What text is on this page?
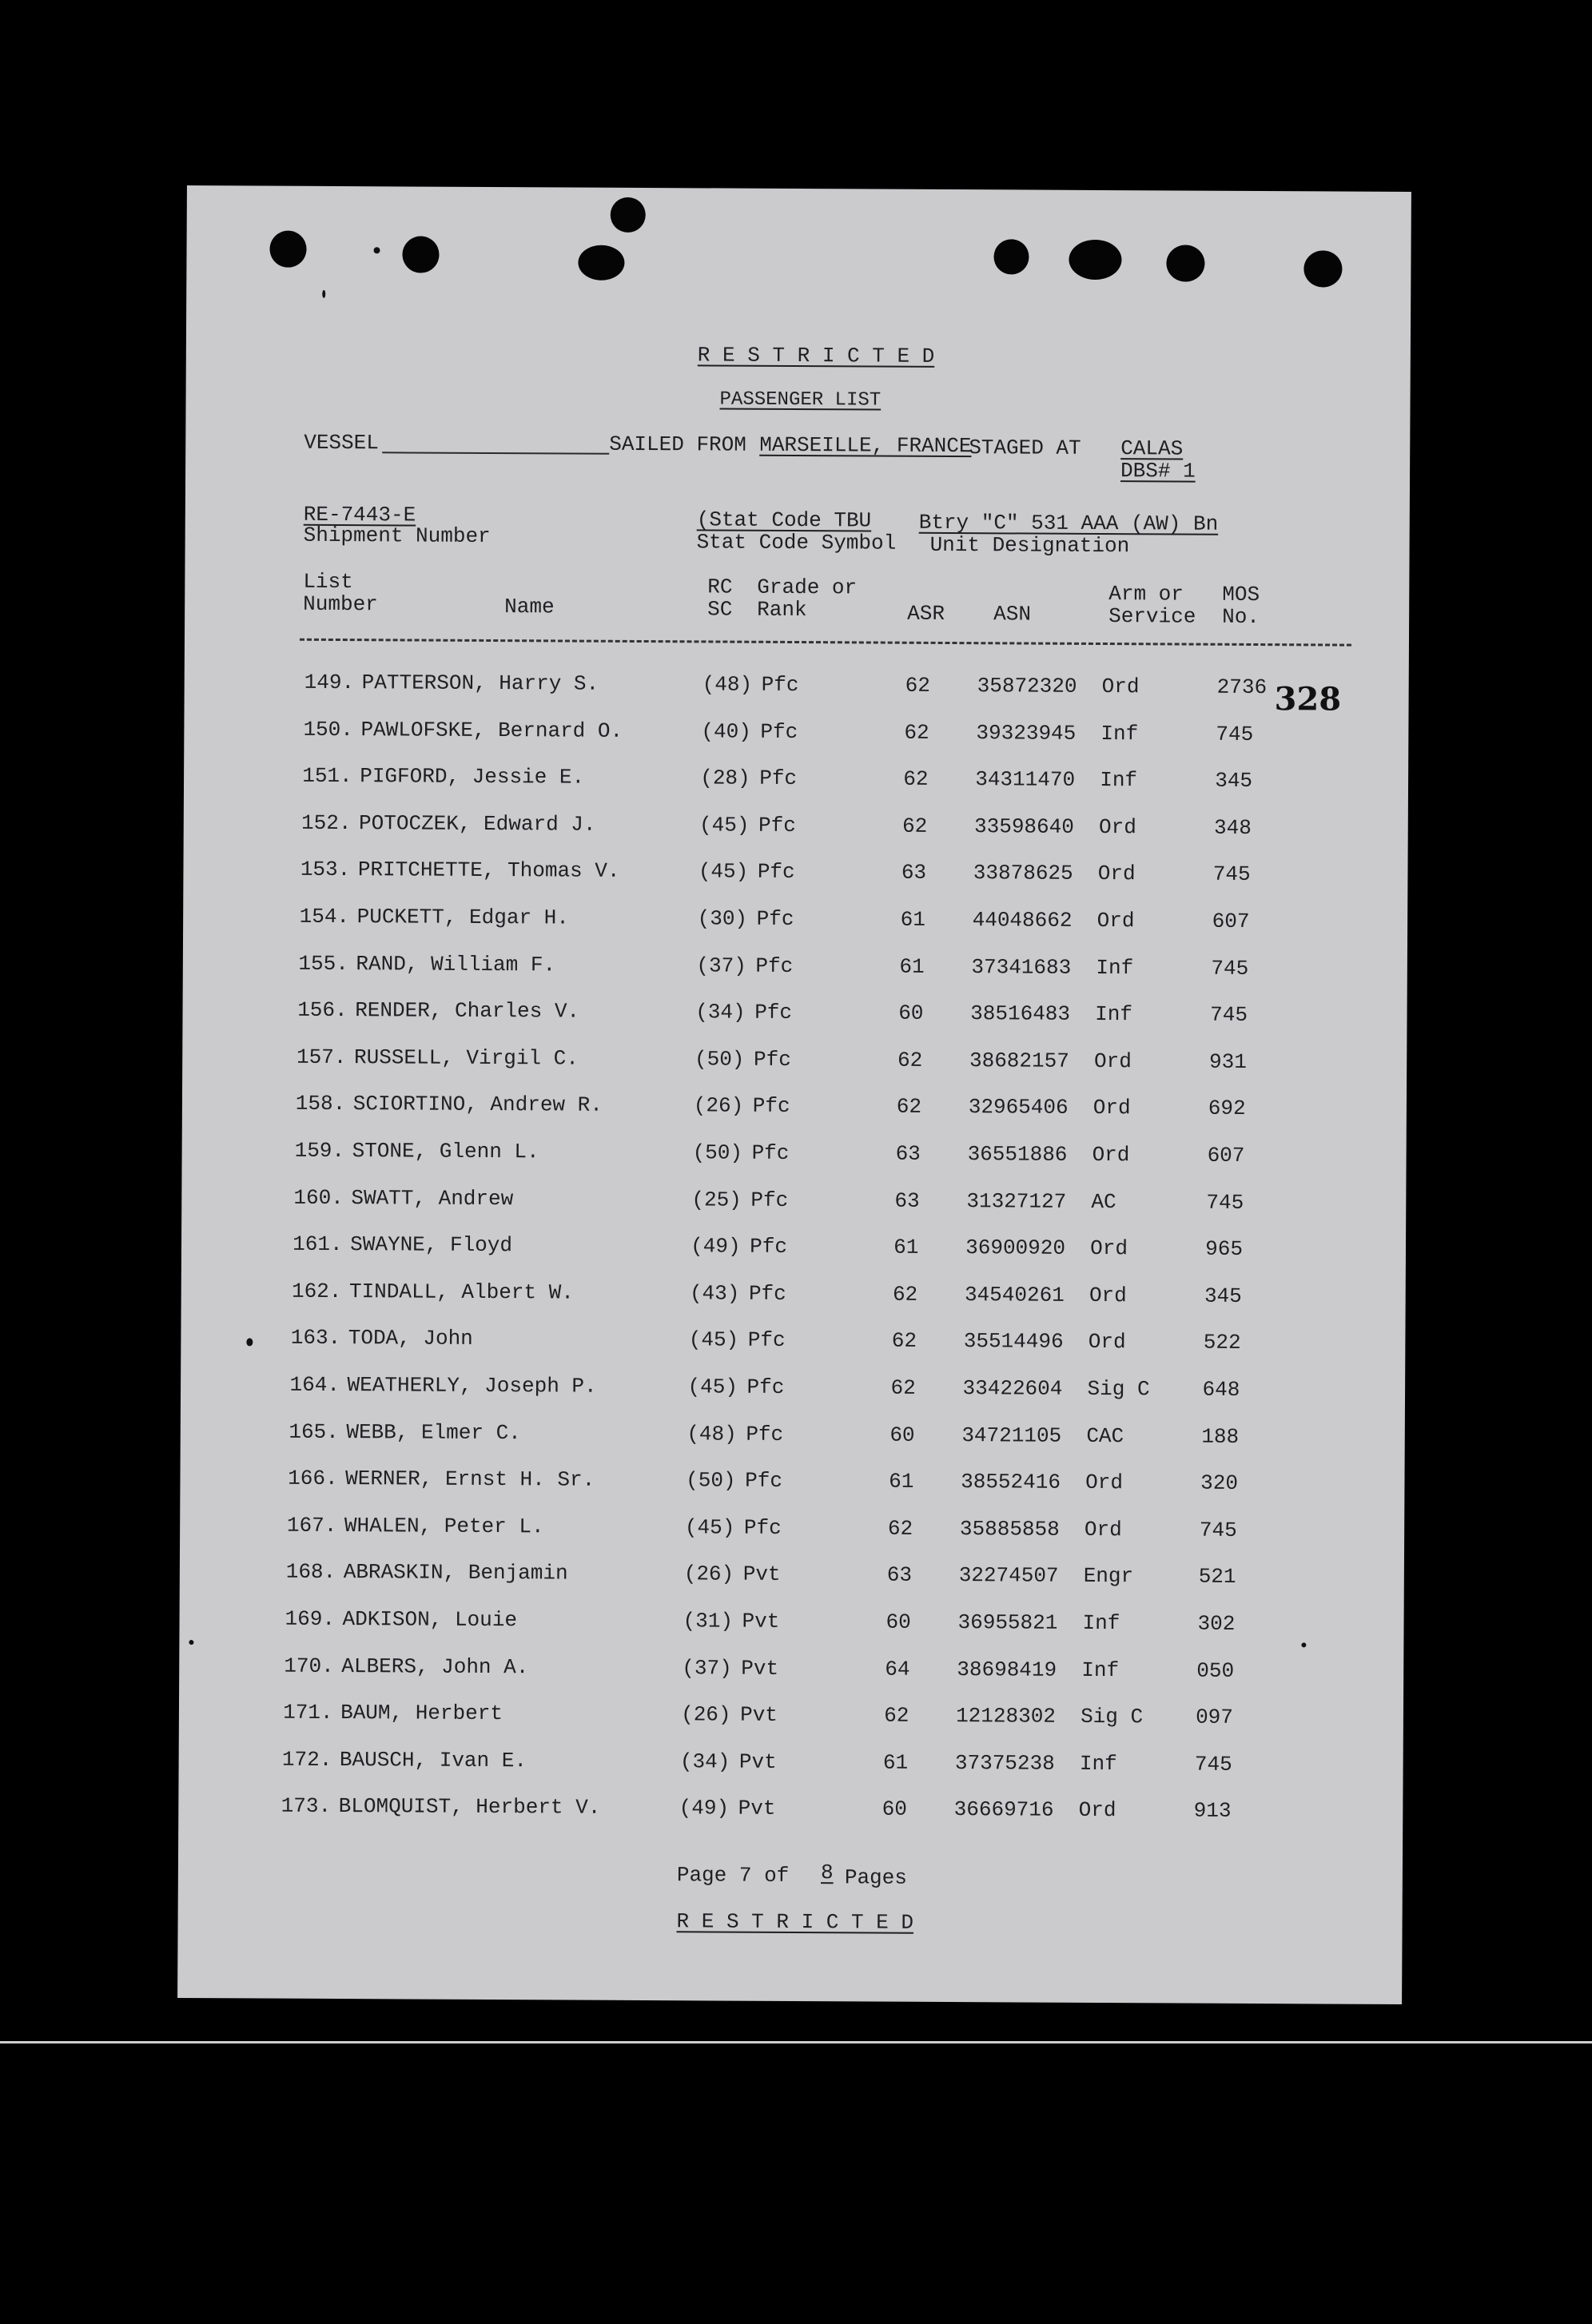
R E S T R I C T E D
PASSENGER LIST
VESSEL	SAILED FROM MARSEILLE, FRANCE
STAGED AT CALAS
DBS# 1
RE-7443-E
Shipment Number
(Stat Code TBU
Stat Code Symbol
Btry "C" 531 AAA (AW) Bn
Unit Designation
List
Number	Name
RC
SC
Grade or
Rank	ASR ASN
Arm or
Service
MOS
No.
149. PATTERSON, Harry S.	(48) Pfc	62 35872320 Ord	2736
150. PAWLOFSKE, Bernard O.	(40) Pfc	62 39323945 Inf	745
151. PIGFORD, Jessie E.	(28) Pfc	62 34311470 Inf	345
152. POTOCZEK, Edward J.	(45) Pfc	62 33598640 Ord	348
153. PRITCHETTE, Thomas V.	(45) Pfc	63 33878625 Ord	745
154. PUCKETT, Edgar H.	(30) Pfc	61 44048662 Ord	607
155. RAND, William F.	(37) Pfc	61 37341683 Inf	745
156. RENDER, Charles V.	(34) Pfc	60 38516483 Inf	745
157. RUSSELL, Virgil C.	(50) Pfc	62 38682157 Ord	931
158. SCIORTINO, Andrew R.	(26) Pfc	62 32965406 Ord	692
159. STONE, Glenn L.	(50) Pfc	63 36551886 Ord	607
160. SWATT, Andrew	(25) Pfc	63 31327127 AC	745
161. SWAYNE, Floyd	(49) Pfc	61 36900920 Ord	965
162. TINDALL, Albert W.	(43) Pfc	62 34540261 Ord	345
163. TODA, John	(45) Pfc	62 35514496 Ord	522
164. WEATHERLY, Joseph P.	(45) Pfc	62 33422604 Sig C	648
165. WEBB, Elmer C.	(48) Pfc	60 34721105 CAC	188
166. WERNER, Ernst H. Sr.	(50) Pfc	61 38552416 Ord	320
167. WHALEN, Peter L.	(45) Pfc	62 35885858 Ord	745
168. ABRASKIN, Benjamin	(26) Pvt	63 32274507 Engr	521
169. ADKISON, Louie	(31) Pvt	60 36955821 Inf	302
170. ALBERS, John A.	(37) Pvt	64 38698419 Inf	050
171. BAUM, Herbert	(26) Pvt	62 12128302 Sig C	097
172. BAUSCH, Ivan E.	(34) Pvt	61 37375238 Inf	745
173. BLOMQUIST, Herbert V.	(49) Pvt	60 36669716 Ord	913
328
Page 7 of	8 Pages
R E S T R I C T E D
